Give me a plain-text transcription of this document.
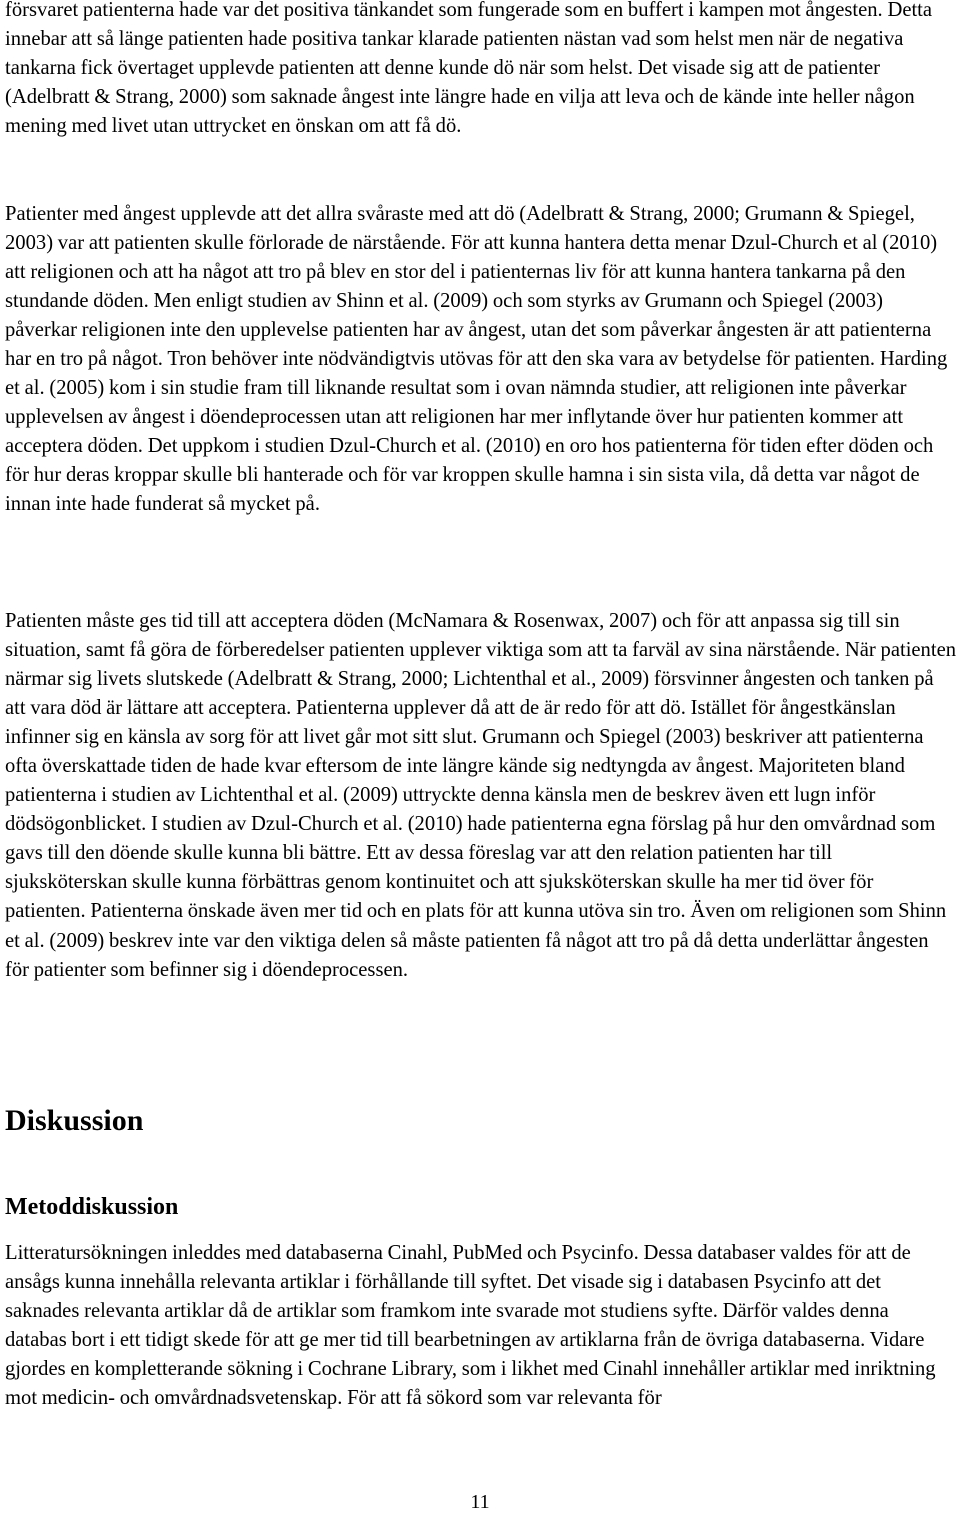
försvaret patienterna hade var det positiva tänkandet som fungerade som en buffert i kampen mot ångesten. Detta innebar att så länge patienten hade positiva tankar klarade patienten nästan vad som helst men när de negativa tankarna fick övertaget upplevde patienten att denne kunde dö när som helst. Det visade sig att de patienter (Adelbratt & Strang, 2000) som saknade ångest inte längre hade en vilja att leva och de kände inte heller någon mening med livet utan uttrycket en önskan om att få dö.

Patienter med ångest upplevde att det allra svåraste med att dö (Adelbratt & Strang, 2000; Grumann & Spiegel, 2003) var att patienten skulle förlorade de närstående. För att kunna hantera detta menar Dzul-Church et al (2010) att religionen och att ha något att tro på blev en stor del i patienternas liv för att kunna hantera tankarna på den stundande döden. Men enligt studien av Shinn et al. (2009) och som styrks av Grumann och Spiegel (2003) påverkar religionen inte den upplevelse patienten har av ångest, utan det som påverkar ångesten är att patienterna har en tro på något. Tron behöver inte nödvändigtvis utövas för att den ska vara av betydelse för patienten. Harding et al. (2005) kom i sin studie fram till liknande resultat som i ovan nämnda studier, att religionen inte påverkar upplevelsen av ångest i döendeprocessen utan att religionen har mer inflytande över hur patienten kommer att acceptera döden. Det uppkom i studien Dzul-Church et al. (2010) en oro hos patienterna för tiden efter döden och för hur deras kroppar skulle bli hanterade och för var kroppen skulle hamna i sin sista vila, då detta var något de innan inte hade funderat så mycket på.

Patienten måste ges tid till att acceptera döden (McNamara & Rosenwax, 2007) och för att anpassa sig till sin situation, samt få göra de förberedelser patienten upplever viktiga som att ta farväl av sina närstående. När patienten närmar sig livets slutskede (Adelbratt & Strang, 2000; Lichtenthal et al., 2009) försvinner ångesten och tanken på att vara död är lättare att acceptera. Patienterna upplever då att de är redo för att dö. Istället för ångestkänslan infinner sig en känsla av sorg för att livet går mot sitt slut. Grumann och Spiegel (2003) beskriver att patienterna ofta överskattade tiden de hade kvar eftersom de inte längre kände sig nedtyngda av ångest. Majoriteten bland patienterna i studien av Lichtenthal et al. (2009) uttryckte denna känsla men de beskrev även ett lugn inför dödsögonblicket. I studien av Dzul-Church et al. (2010) hade patienterna egna förslag på hur den omvårdnad som gavs till den döende skulle kunna bli bättre. Ett av dessa föreslag var att den relation patienten har till sjuksköterskan skulle kunna förbättras genom kontinuitet och att sjuksköterskan skulle ha mer tid över för patienten. Patienterna önskade även mer tid och en plats för att kunna utöva sin tro. Även om religionen som Shinn et al. (2009) beskrev inte var den viktiga delen så måste patienten få något att tro på då detta underlättar ångesten för patienter som befinner sig i döendeprocessen.

Diskussion
Metoddiskussion

Litteratursökningen inleddes med databaserna Cinahl, PubMed och Psycinfo. Dessa databaser valdes för att de ansågs kunna innehålla relevanta artiklar i förhållande till syftet. Det visade sig i databasen Psycinfo att det saknades relevanta artiklar då de artiklar som framkom inte svarade mot studiens syfte. Därför valdes denna databas bort i ett tidigt skede för att ge mer tid till bearbetningen av artiklarna från de övriga databaserna. Vidare gjordes en kompletterande sökning i Cochrane Library, som i likhet med Cinahl innehåller artiklar med inriktning mot medicin- och omvårdnadsvetenskap. För att få sökord som var relevanta för

11
